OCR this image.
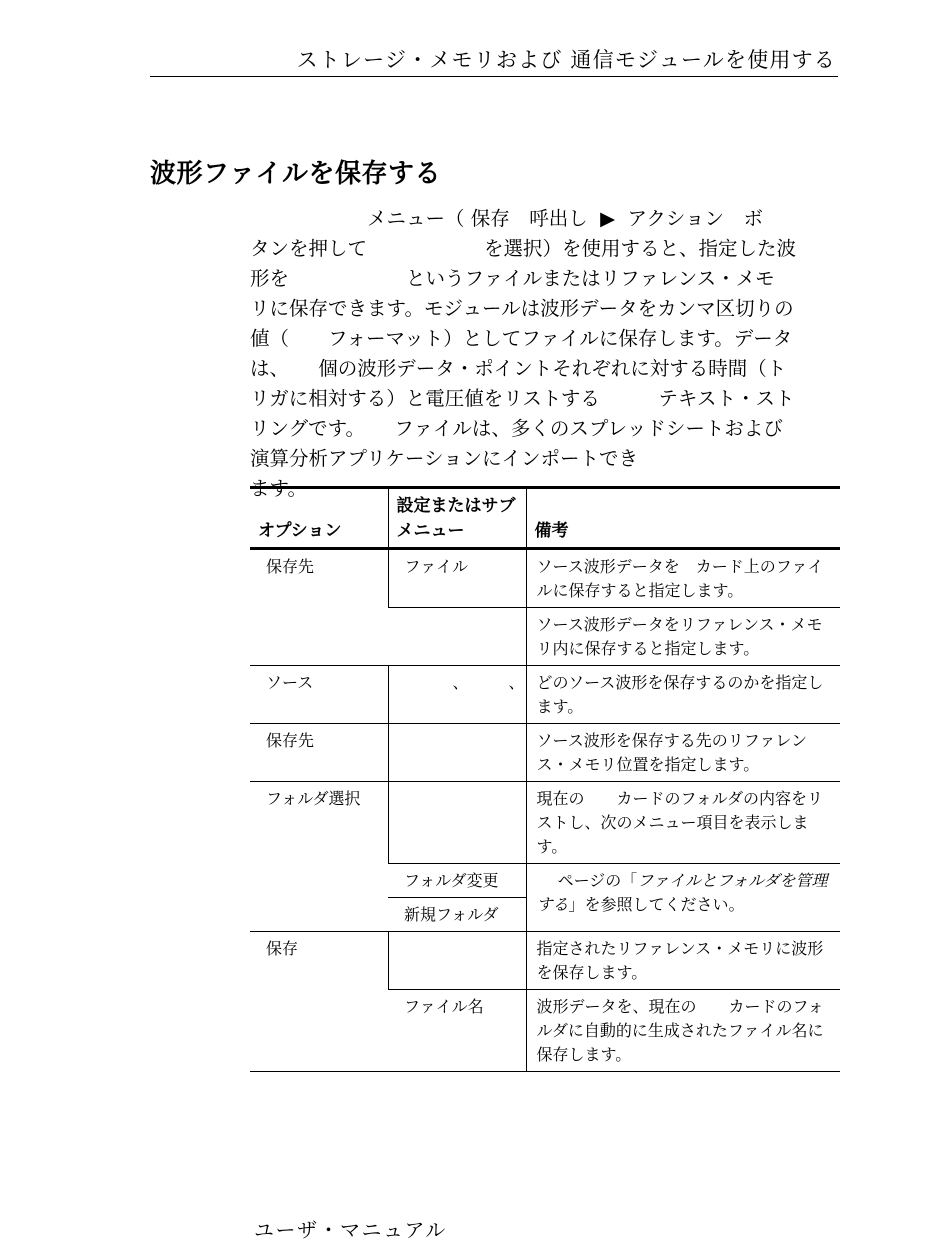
ストレージ・メモリおよび 通信モジュールを使用する
波形ファイルを保存する
　　　　　　メニュー（ 保存　呼出し  ▶  アクション　ボ
タンを押して　　　　　　を選択）を使用すると、指定した波
形を　　　　　　というファイルまたはリファレンス・メモ
リに保存できます。モジュールは波形データをカンマ区切りの
値（　　フォーマット）としてファイルに保存します。データ
は、　　個の波形データ・ポイントそれぞれに対する時間（ト
リガに相対する）と電圧値をリストする　　　テキスト・スト
リングです。　　ファイルは、多くのスプレッドシートおよび
演算分析アプリケーションにインポートでき
ます。
オプション	設定またはサブメニュー	備考
保存先	ファイル	ソース波形データを　カード上のファイルに保存すると指定します。
		ソース波形データをリファレンス・メモリ内に保存すると指定します。
ソース	　　　、　　　、	どのソース波形を保存するのかを指定します。
保存先		ソース波形を保存する先のリファレンス・メモリ位置を指定します。
フォルダ選択		現在の　　カードのフォルダの内容をリストし、次のメニュー項目を表示します。
	フォルダ変更	　 ページの「ファイルとフォルダを管理する」を参照してください。
	新規フォルダ	
保存		指定されたリファレンス・メモリに波形を保存します。
	ファイル名	波形データを、現在の　　カードのフォルダに自動的に生成されたファイル名に保存します。
ユーザ・マニュアル
